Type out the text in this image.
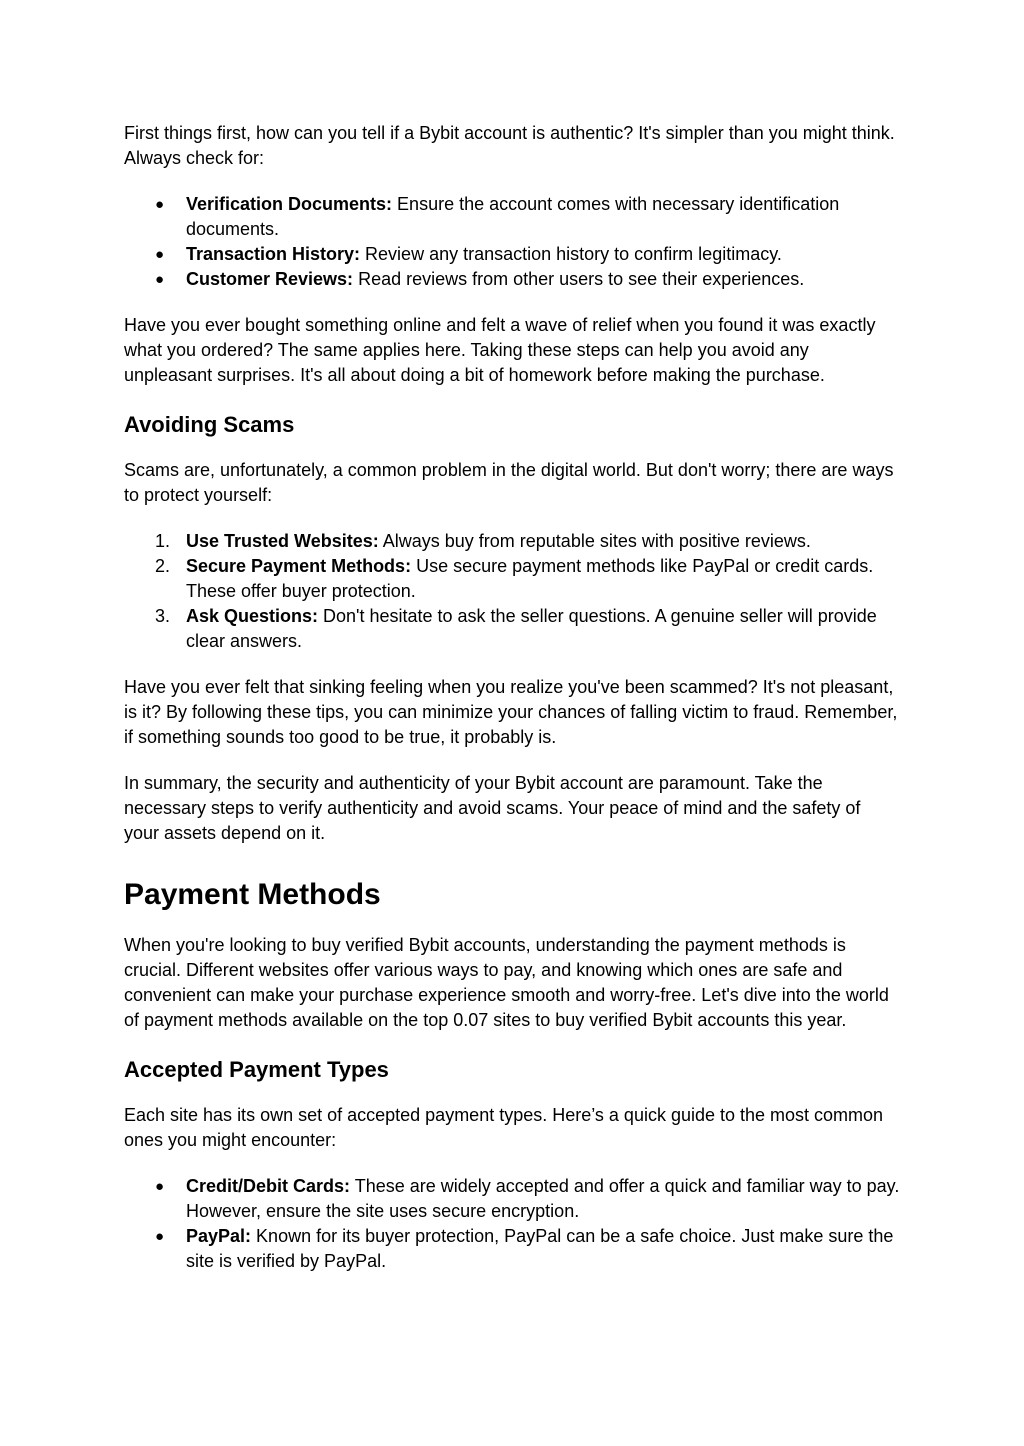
First things first, how can you tell if a Bybit account is authentic? It's simpler than you might think. Always check for:

● Verification Documents: Ensure the account comes with necessary identification documents.
● Transaction History: Review any transaction history to confirm legitimacy.
● Customer Reviews: Read reviews from other users to see their experiences.

Have you ever bought something online and felt a wave of relief when you found it was exactly what you ordered? The same applies here. Taking these steps can help you avoid any unpleasant surprises. It's all about doing a bit of homework before making the purchase.

Avoiding Scams

Scams are, unfortunately, a common problem in the digital world. But don't worry; there are ways to protect yourself:

1. Use Trusted Websites: Always buy from reputable sites with positive reviews.
2. Secure Payment Methods: Use secure payment methods like PayPal or credit cards. These offer buyer protection.
3. Ask Questions: Don't hesitate to ask the seller questions. A genuine seller will provide clear answers.

Have you ever felt that sinking feeling when you realize you've been scammed? It's not pleasant, is it? By following these tips, you can minimize your chances of falling victim to fraud. Remember, if something sounds too good to be true, it probably is.

In summary, the security and authenticity of your Bybit account are paramount. Take the necessary steps to verify authenticity and avoid scams. Your peace of mind and the safety of your assets depend on it.

Payment Methods

When you're looking to buy verified Bybit accounts, understanding the payment methods is crucial. Different websites offer various ways to pay, and knowing which ones are safe and convenient can make your purchase experience smooth and worry-free. Let's dive into the world of payment methods available on the top 0.07 sites to buy verified Bybit accounts this year.

Accepted Payment Types

Each site has its own set of accepted payment types. Here’s a quick guide to the most common ones you might encounter:

● Credit/Debit Cards: These are widely accepted and offer a quick and familiar way to pay. However, ensure the site uses secure encryption.
● PayPal: Known for its buyer protection, PayPal can be a safe choice. Just make sure the site is verified by PayPal.
